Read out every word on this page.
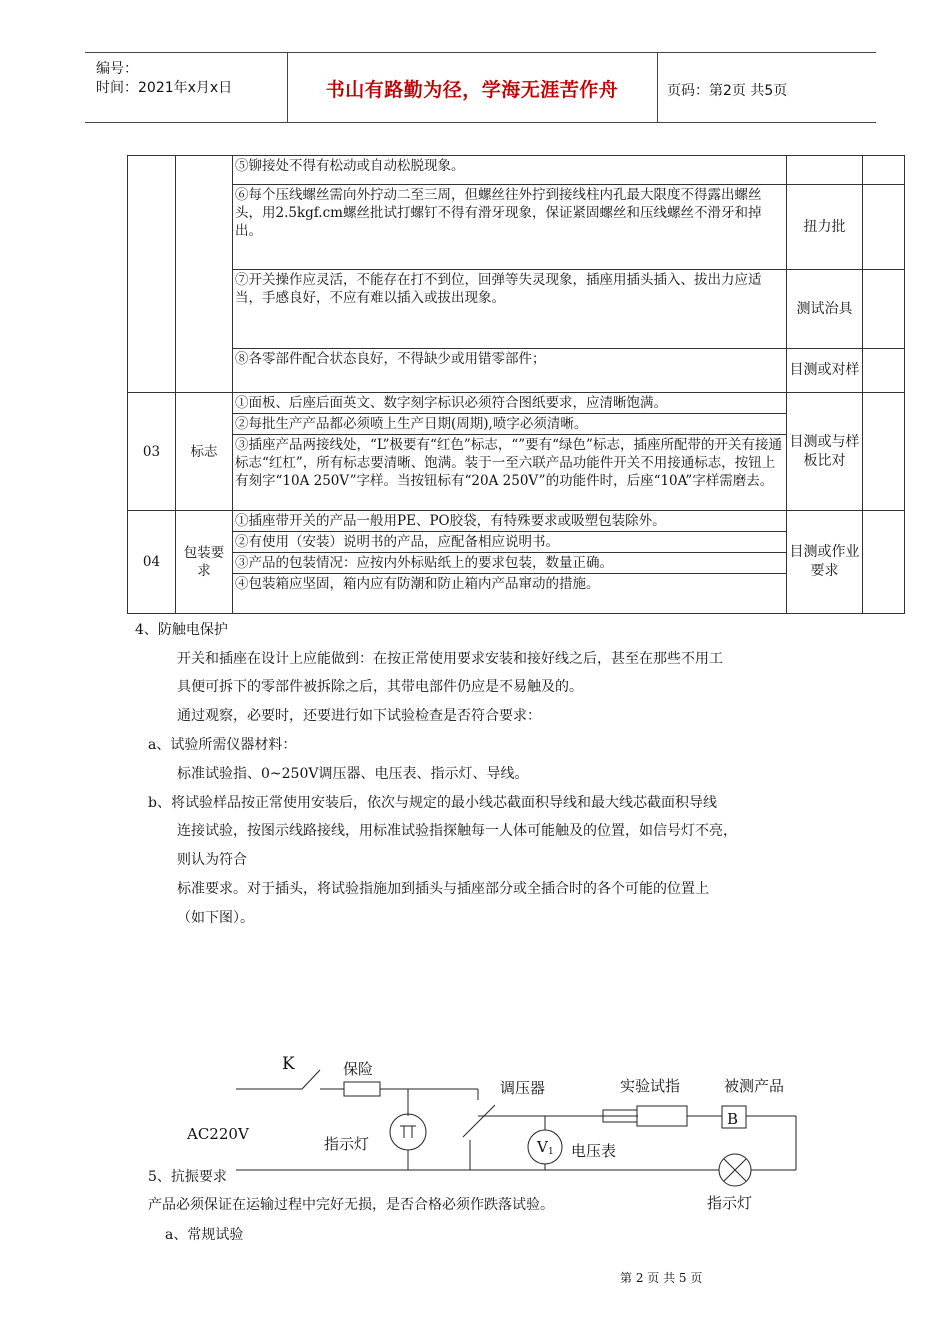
编号：
时间：2021年x月x日	书山有路勤为径，学海无涯苦作舟	页码：第2页 共5页
		⑤铆接处不得有松动或自动松脱现象。		
		⑥每个压线螺丝需向外拧动二至三周，但螺丝往外拧到接线柱内孔最大限度不得露出螺丝头，用2.5kgf.cm螺丝批试打螺钉不得有滑牙现象，保证紧固螺丝和压线螺丝不滑牙和掉出。	扭力批	
		⑦开关操作应灵活，不能存在打不到位，回弹等失灵现象，插座用插头插入、拔出力应适当，手感良好，不应有难以插入或拔出现象。	测试治具	
		⑧各零部件配合状态良好，不得缺少或用错零部件；	目测或对样	
03	标志	①面板、后座后面英文、数字刻字标识必须符合图纸要求，应清晰饱满。	目测或与样板比对	
		②每批生产产品都必须喷上生产日期(周期),喷字必须清晰。		
		③插座产品两接线处，“L”极要有“红色”标志，“”要有“绿色”标志，插座所配带的开关有接通标志“红杠”，所有标志要清晰、饱满。装于一至六联产品功能件开关不用接通标志，按钮上有刻字“10A 250V”字样。当按钮标有“20A 250V”的功能件时，后座“10A”字样需磨去。		
04	包装要求	①插座带开关的产品一般用PE、PO胶袋，有特殊要求或吸塑包装除外。	目测或作业要求	
		②有使用（安装）说明书的产品，应配备相应说明书。		
		③产品的包装情况：应按内外标贴纸上的要求包装，数量正确。		
		④包装箱应坚固，箱内应有防潮和防止箱内产品窜动的措施。		
4、防触电保护
开关和插座在设计上应能做到：在按正常使用要求安装和接好线之后，甚至在那些不用工
具便可拆下的零部件被拆除之后，其带电部件仍应是不易触及的。
通过观察，必要时，还要进行如下试验检查是否符合要求：
a、试验所需仪器材料：
标准试验指、0~250V调压器、电压表、指示灯、导线。
b、将试验样品按正常使用安装后，依次与规定的最小线芯截面积导线和最大线芯截面积导线
连接试验，按图示线路接线，用标准试验指探触每一人体可能触及的位置，如信号灯不亮，
则认为符合
标准要求。对于插头，将试验指施加到插头与插座部分或全插合时的各个可能的位置上
（如下图）。
K	保险
调压器	实验试指	被测产品
B
AC220V
指示灯	V 1 电压表
指示灯
5、抗振要求
产品必须保证在运输过程中完好无损，是否合格必须作跌落试验。
a、常规试验
第 2 页 共 5 页
